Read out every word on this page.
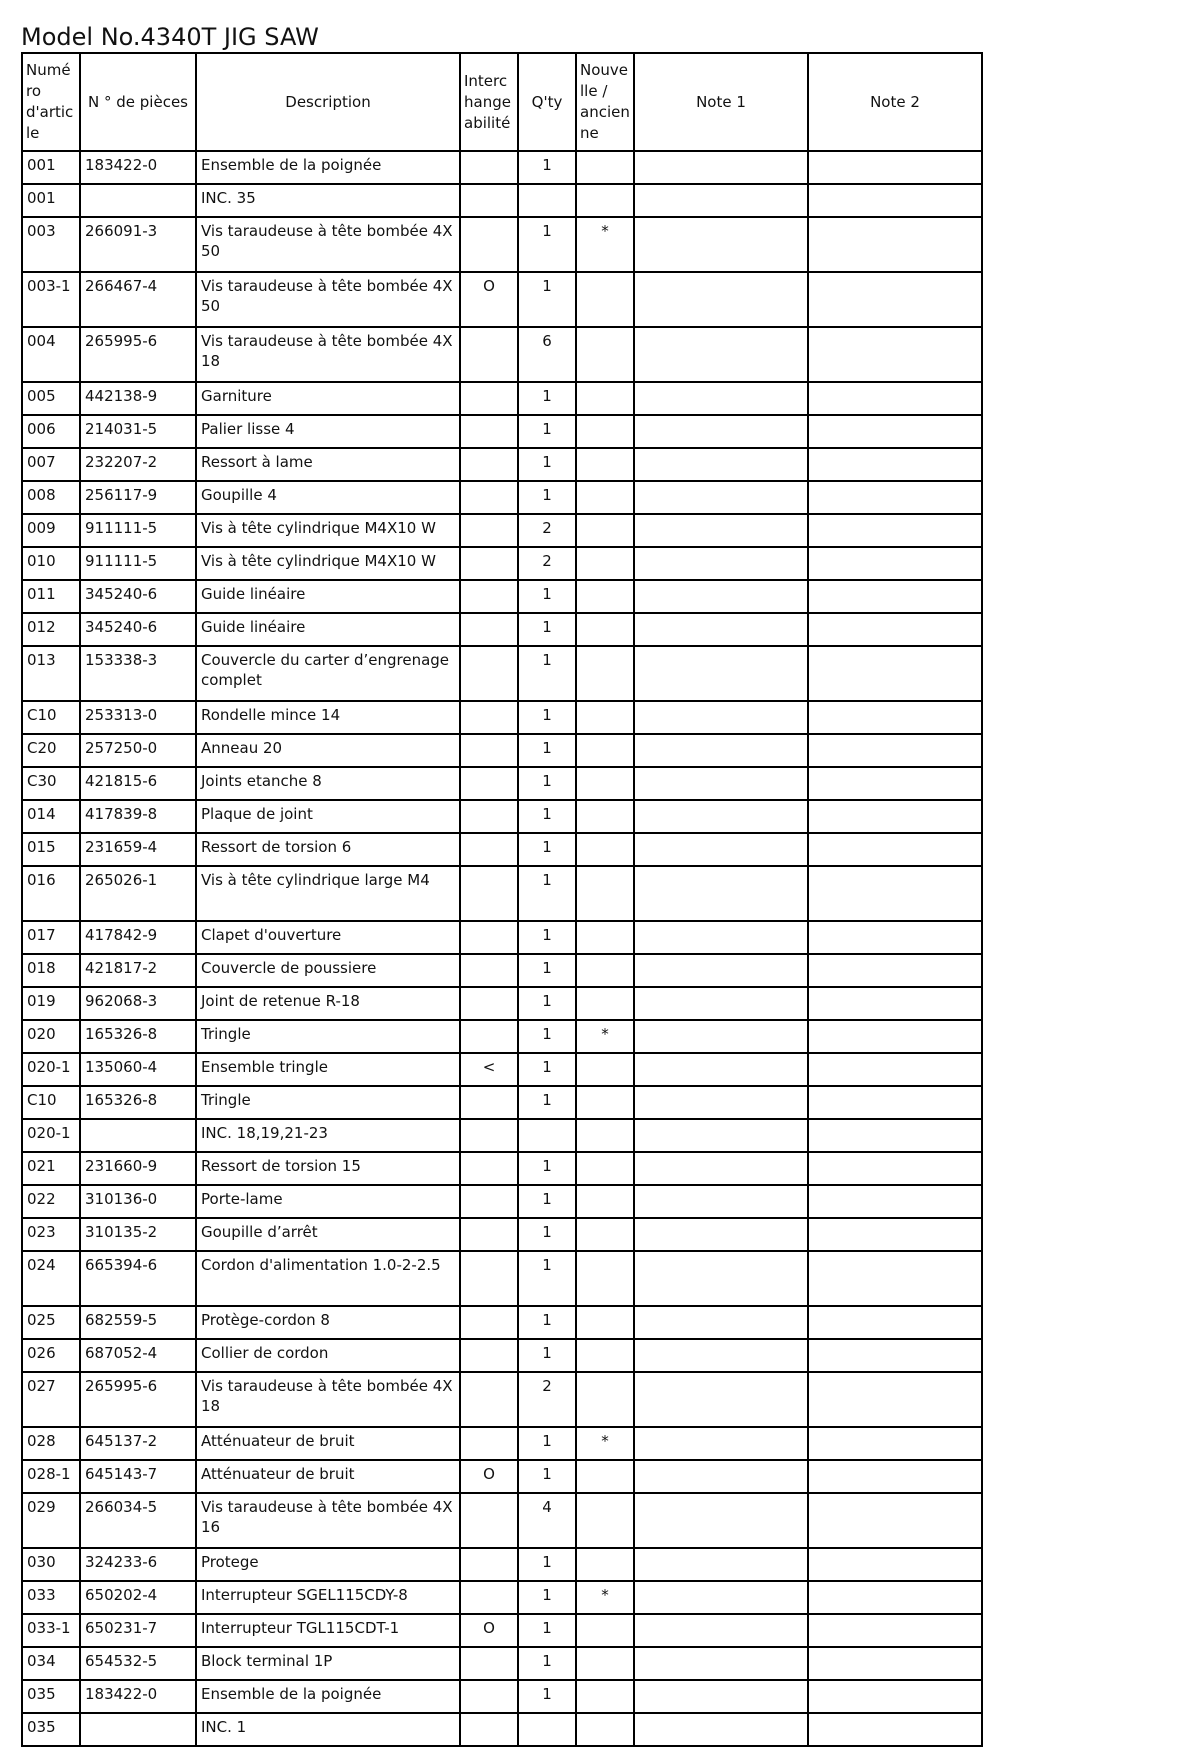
Model No.4340T JIG SAW
Numéro d'article	N ° de pièces	Description	Interchangeabilité	Q'ty	Nouvelle / ancienne	Note 1	Note 2
001	183422-0	Ensemble de la poignée		1			
001		INC. 35					
003	266091-3	Vis taraudeuse à tête bombée 4X 50		1	*		
003-1	266467-4	Vis taraudeuse à tête bombée 4X 50	O	1			
004	265995-6	Vis taraudeuse à tête bombée 4X 18		6			
005	442138-9	Garniture		1			
006	214031-5	Palier lisse 4		1			
007	232207-2	Ressort à lame		1			
008	256117-9	Goupille 4		1			
009	911111-5	Vis à tête cylindrique M4X10 W		2			
010	911111-5	Vis à tête cylindrique M4X10 W		2			
011	345240-6	Guide linéaire		1			
012	345240-6	Guide linéaire		1			
013	153338-3	Couvercle du carter d’engrenage complet		1			
C10	253313-0	Rondelle mince 14		1			
C20	257250-0	Anneau 20		1			
C30	421815-6	Joints etanche 8		1			
014	417839-8	Plaque de joint		1			
015	231659-4	Ressort de torsion 6		1			
016	265026-1	Vis à tête cylindrique large M4		1			
017	417842-9	Clapet d'ouverture		1			
018	421817-2	Couvercle de poussiere		1			
019	962068-3	Joint de retenue R-18		1			
020	165326-8	Tringle		1	*		
020-1	135060-4	Ensemble tringle	<	1			
C10	165326-8	Tringle		1			
020-1		INC. 18,19,21-23					
021	231660-9	Ressort de torsion 15		1			
022	310136-0	Porte-lame		1			
023	310135-2	Goupille d’arrêt		1			
024	665394-6	Cordon d'alimentation 1.0-2-2.5		1			
025	682559-5	Protège-cordon 8		1			
026	687052-4	Collier de cordon		1			
027	265995-6	Vis taraudeuse à tête bombée 4X 18		2			
028	645137-2	Atténuateur de bruit		1	*		
028-1	645143-7	Atténuateur de bruit	O	1			
029	266034-5	Vis taraudeuse à tête bombée 4X 16		4			
030	324233-6	Protege		1			
033	650202-4	Interrupteur SGEL115CDY-8		1	*		
033-1	650231-7	Interrupteur TGL115CDT-1	O	1			
034	654532-5	Block terminal 1P		1			
035	183422-0	Ensemble de la poignée		1			
035		INC. 1					
